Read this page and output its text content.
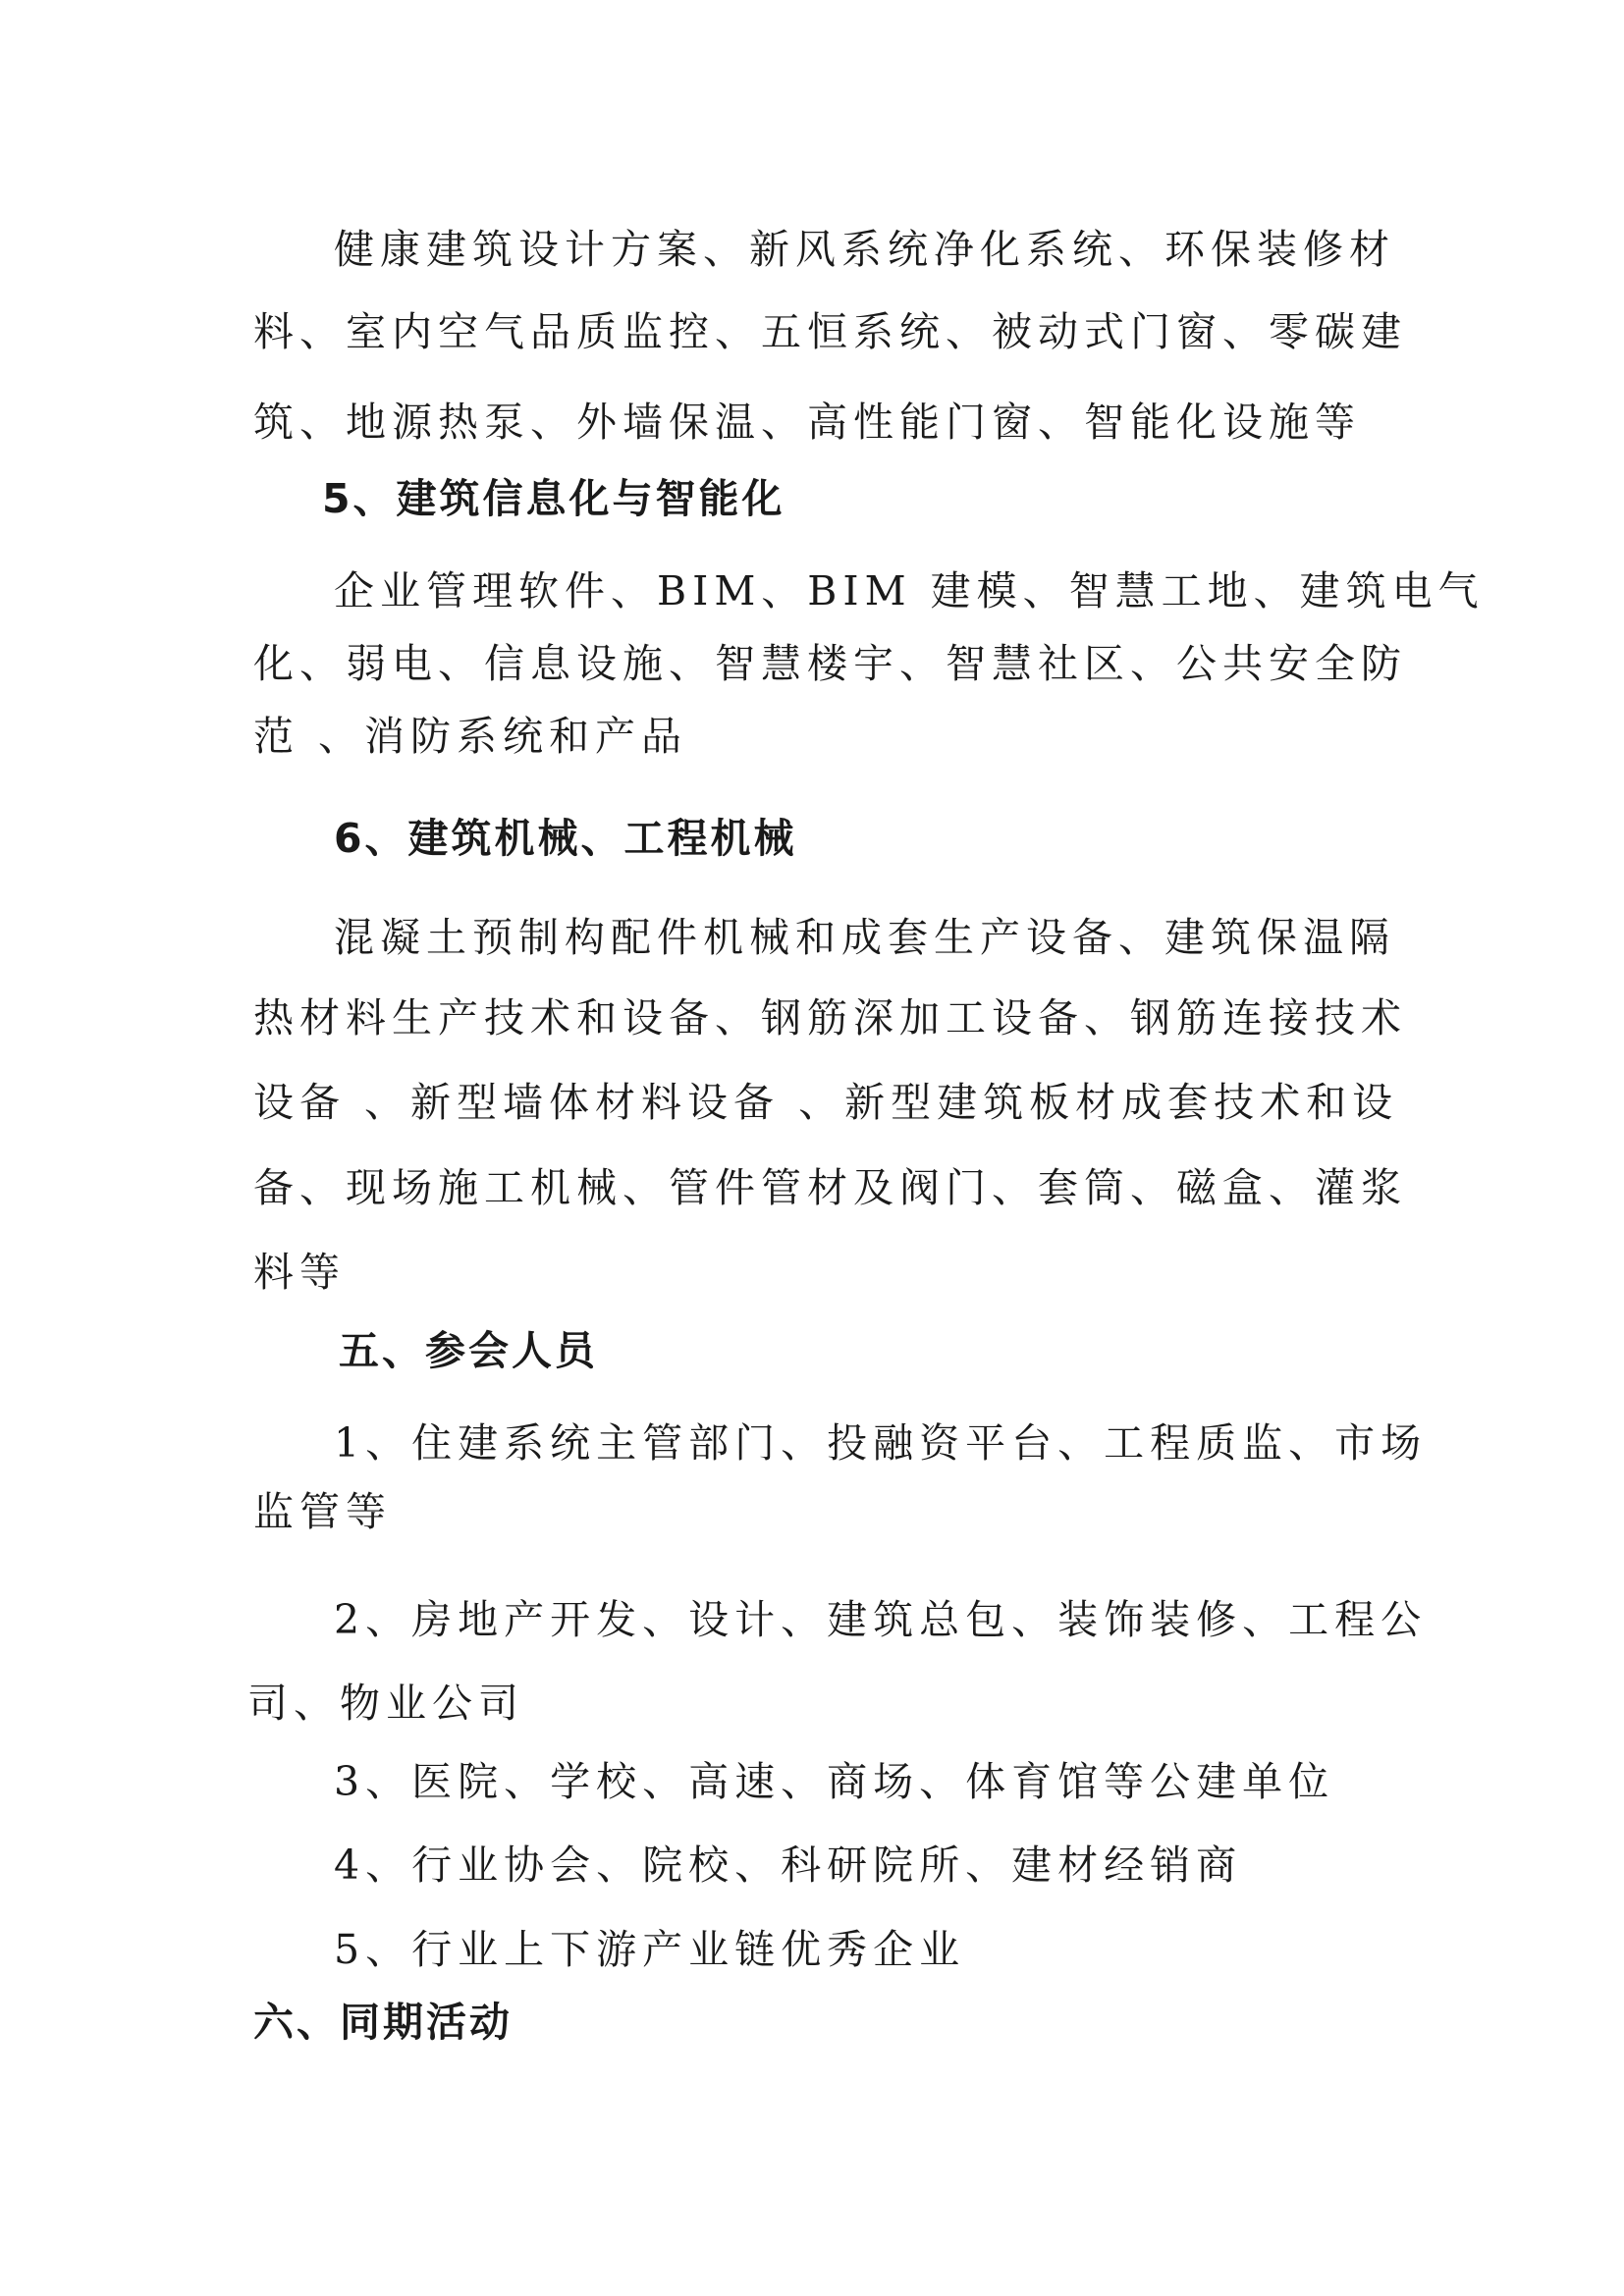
健康建筑设计方案、新风系统净化系统、环保装修材
料、室内空气品质监控、五恒系统、被动式门窗、零碳建
筑、地源热泵、外墙保温、高性能门窗、智能化设施等
5、建筑信息化与智能化
企业管理软件、BIM、BIM 建模、智慧工地、建筑电气
化、弱电、信息设施、智慧楼宇、智慧社区、公共安全防
范 、消防系统和产品
6、建筑机械、工程机械
混凝土预制构配件机械和成套生产设备、建筑保温隔
热材料生产技术和设备、钢筋深加工设备、钢筋连接技术
设备 、新型墙体材料设备 、新型建筑板材成套技术和设
备、现场施工机械、管件管材及阀门、套筒、磁盒、灌浆
料等
五、参会人员
1、住建系统主管部门、投融资平台、工程质监、市场
监管等
2、房地产开发、设计、建筑总包、装饰装修、工程公
司、物业公司
3、医院、学校、高速、商场、体育馆等公建单位
4、行业协会、院校、科研院所、建材经销商
5、行业上下游产业链优秀企业
六、同期活动
